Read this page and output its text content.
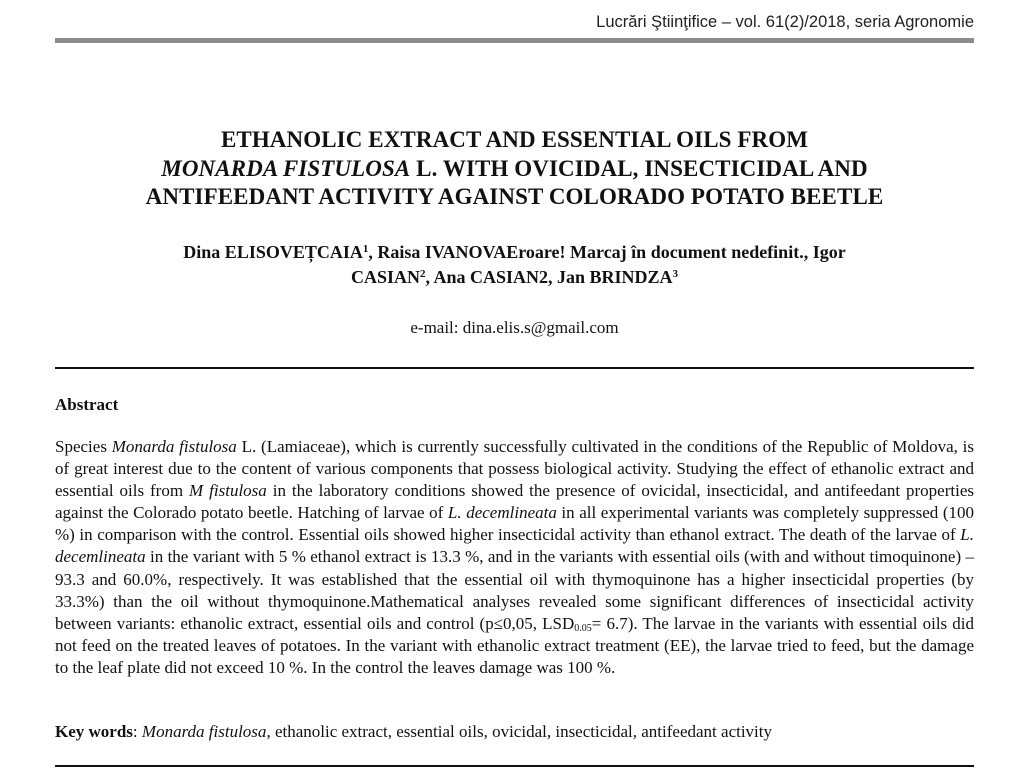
Lucrări Ştiinţifice – vol. 61(2)/2018, seria Agronomie
ETHANOLIC EXTRACT AND ESSENTIAL OILS FROM
MONARDA FISTULOSA L. WITH OVICIDAL, INSECTICIDAL AND
ANTIFEEDANT ACTIVITY AGAINST COLORADO POTATO BEETLE
Dina ELISOVEȚCAIA$^1$, Raisa IVANOVAEroare! Marcaj în document nedefinit., Igor
CASIAN$^2$, Ana CASIAN2, Jan BRINDZA$^3$
e-mail: dina.elis.s@gmail.com
Abstract
Species Monarda fistulosa L. (Lamiaceae), which is currently successfully cultivated in the conditions of the Republic of Moldova, is of great interest due to the content of various components that possess biological activity. Studying the effect of ethanolic extract and essential oils from M fistulosa in the laboratory conditions showed the presence of ovicidal, insecticidal, and antifeedant properties against the Colorado potato beetle. Hatching of larvae of L. decemlineata in all experimental variants was completely suppressed (100 %) in comparison with the control. Essential oils showed higher insecticidal activity than ethanol extract. The death of the larvae of L. decemlineata in the variant with 5 % ethanol extract is 13.3 %, and in the variants with essential oils (with and without timoquinone) – 93.3 and 60.0%, respectively. It was established that the essential oil with thymoquinone has a higher insecticidal properties (by 33.3%) than the oil without thymoquinone.Mathematical analyses revealed some significant differences of insecticidal activity between variants: ethanolic extract, essential oils and control (p≤0,05, $LSD_{0.05}= 6.7$). The larvae in the variants with essential oils did not feed on the treated leaves of potatoes. In the variant with ethanolic extract treatment (EE), the larvae tried to feed, but the damage to the leaf plate did not exceed 10 %. In the control the leaves damage was 100 %.
Key words: Monarda fistulosa, ethanolic extract, essential oils, ovicidal, insecticidal, antifeedant activity
